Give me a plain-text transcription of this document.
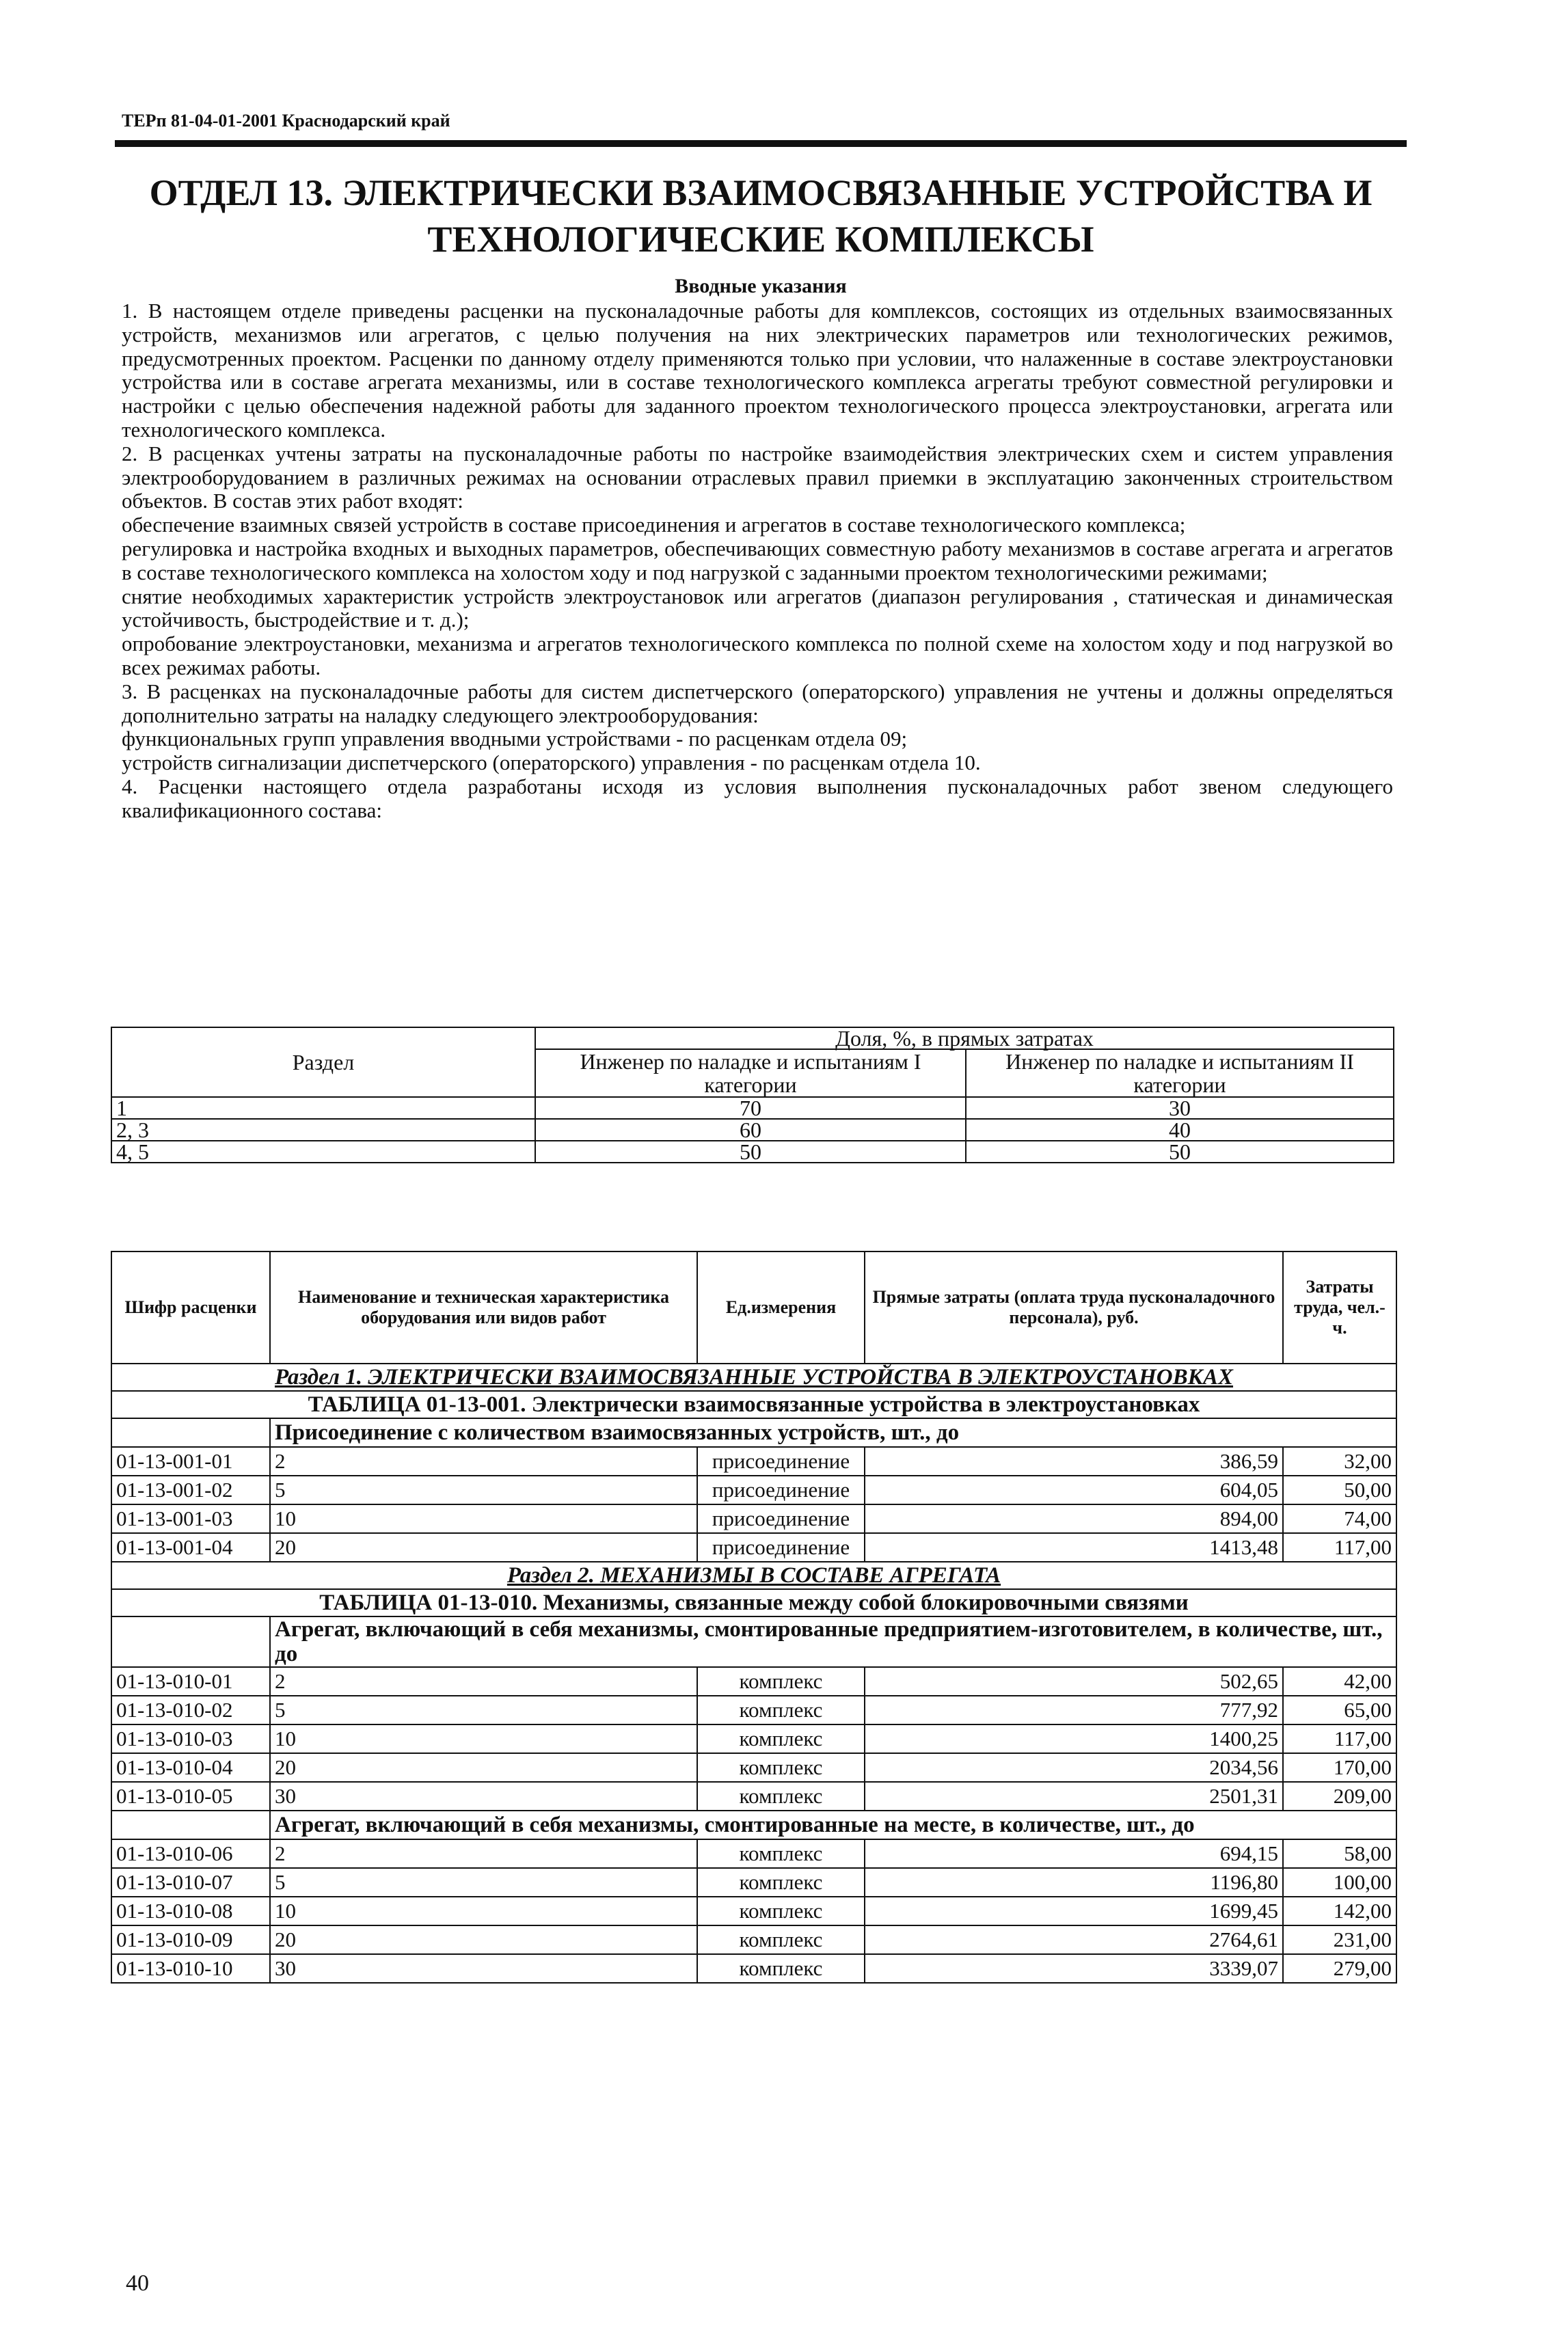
ТЕРп 81-04-01-2001 Краснодарский край
ОТДЕЛ 13. ЭЛЕКТРИЧЕСКИ ВЗАИМОСВЯЗАННЫЕ УСТРОЙСТВА И
ТЕХНОЛОГИЧЕСКИЕ КОМПЛЕКСЫ
Вводные указания

1. В настоящем отделе приведены расценки на пусконаладочные работы для комплексов, состоящих из отдельных взаимосвязанных устройств, механизмов или агрегатов, с целью получения на них электрических параметров или технологических режимов, предусмотренных проектом. Расценки по данному отделу применяются только при условии, что налаженные в составе электроустановки устройства или в составе агрегата механизмы, или в составе технологического комплекса агрегаты требуют совместной регулировки и настройки с целью обеспечения надежной работы для заданного проектом технологического процесса электроустановки, агрегата или технологического комплекса.

2. В расценках учтены затраты на пусконаладочные работы по настройке взаимодействия электрических схем и систем управления электрооборудованием в различных режимах на основании отраслевых правил приемки в эксплуатацию законченных строительством объектов. В состав этих работ входят:

обеспечение взаимных связей устройств в составе присоединения и агрегатов в составе технологического комплекса;

регулировка и настройка входных и выходных параметров, обеспечивающих совместную работу механизмов в составе агрегата и агрегатов в составе технологического комплекса на холостом ходу и под нагрузкой с заданными проектом технологическими режимами;

снятие необходимых характеристик устройств электроустановок или агрегатов (диапазон регулирования , статическая и динамическая устойчивость, быстродействие и т. д.);

опробование электроустановки, механизма и агрегатов технологического комплекса по полной схеме на холостом ходу и под нагрузкой во всех режимах работы.

3. В расценках на пусконаладочные работы для систем диспетчерского (операторского) управления не учтены и должны определяться дополнительно затраты на наладку следующего электрооборудования:

функциональных групп управления вводными устройствами - по расценкам отдела 09;

устройств сигнализации диспетчерского (операторского) управления - по расценкам отдела 10.

4. Расценки настоящего отдела разработаны исходя из условия выполнения пусконаладочных работ звеном следующего квалификационного состава:

Раздел	Доля, %, в прямых затратах	
	Инженер по наладке и испытаниям I категории	Инженер по наладке и испытаниям II категории
1	70	30
2, 3	60	40
4, 5	50	50
Шифр расценки	Наименование и техническая характеристика оборудования или видов работ	Ед.измерения	Прямые затраты (оплата труда пусконаладочного персонала), руб.	Затраты труда, чел.-ч.
Раздел 1. ЭЛЕКТРИЧЕСКИ ВЗАИМОСВЯЗАННЫЕ УСТРОЙСТВА В ЭЛЕКТРОУСТАНОВКАХ				
ТАБЛИЦА 01-13-001. Электрически взаимосвязанные устройства в электроустановках				
	Присоединение с количеством взаимосвязанных устройств, шт., до			
01-13-001-01	2	присоединение	386,59	32,00
01-13-001-02	5	присоединение	604,05	50,00
01-13-001-03	10	присоединение	894,00	74,00
01-13-001-04	20	присоединение	1413,48	117,00
Раздел 2. МЕХАНИЗМЫ В СОСТАВЕ АГРЕГАТА				
ТАБЛИЦА 01-13-010. Механизмы, связанные между собой блокировочными связями				
	Агрегат, включающий в себя механизмы, смонтированные предприятием-изготовителем, в количестве, шт., до			
01-13-010-01	2	комплекс	502,65	42,00
01-13-010-02	5	комплекс	777,92	65,00
01-13-010-03	10	комплекс	1400,25	117,00
01-13-010-04	20	комплекс	2034,56	170,00
01-13-010-05	30	комплекс	2501,31	209,00
	Агрегат, включающий в себя механизмы, смонтированные на месте, в количестве, шт., до			
01-13-010-06	2	комплекс	694,15	58,00
01-13-010-07	5	комплекс	1196,80	100,00
01-13-010-08	10	комплекс	1699,45	142,00
01-13-010-09	20	комплекс	2764,61	231,00
01-13-010-10	30	комплекс	3339,07	279,00
40
